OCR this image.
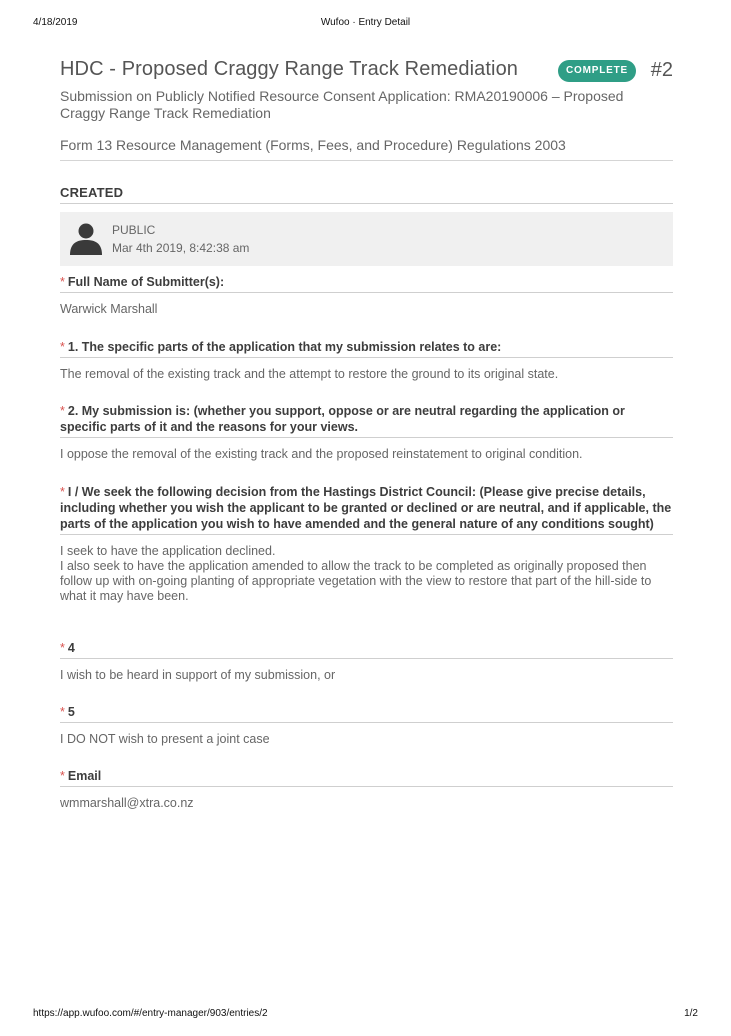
4/18/2019	Wufoo · Entry Detail
HDC - Proposed Craggy Range Track Remediation	COMPLETE	#2
Submission on Publicly Notified Resource Consent Application: RMA20190006 – Proposed Craggy Range Track Remediation
Form 13 Resource Management (Forms, Fees, and Procedure) Regulations 2003
CREATED
PUBLIC
Mar 4th 2019, 8:42:38 am
* Full Name of Submitter(s):
Warwick Marshall
* 1. The specific parts of the application that my submission relates to are:
The removal of the existing track and the attempt to restore the ground to its original state.
* 2. My submission is: (whether you support, oppose or are neutral regarding the application or specific parts of it and the reasons for your views.
I oppose the removal of the existing track and the proposed reinstatement to original condition.
* I / We seek the following decision from the Hastings District Council: (Please give precise details, including whether you wish the applicant to be granted or declined or are neutral, and if applicable, the parts of the application you wish to have amended and the general nature of any conditions sought)
I seek to have the application declined.
I also seek to have the application amended to allow the track to be completed as originally proposed then follow up with on-going planting of appropriate vegetation with the view to restore that part of the hill-side to what it may have been.
* 4
I wish to be heard in support of my submission, or
* 5
I DO NOT wish to present a joint case
* Email
wmmarshall@xtra.co.nz
https://app.wufoo.com/#/entry-manager/903/entries/2	1/2
